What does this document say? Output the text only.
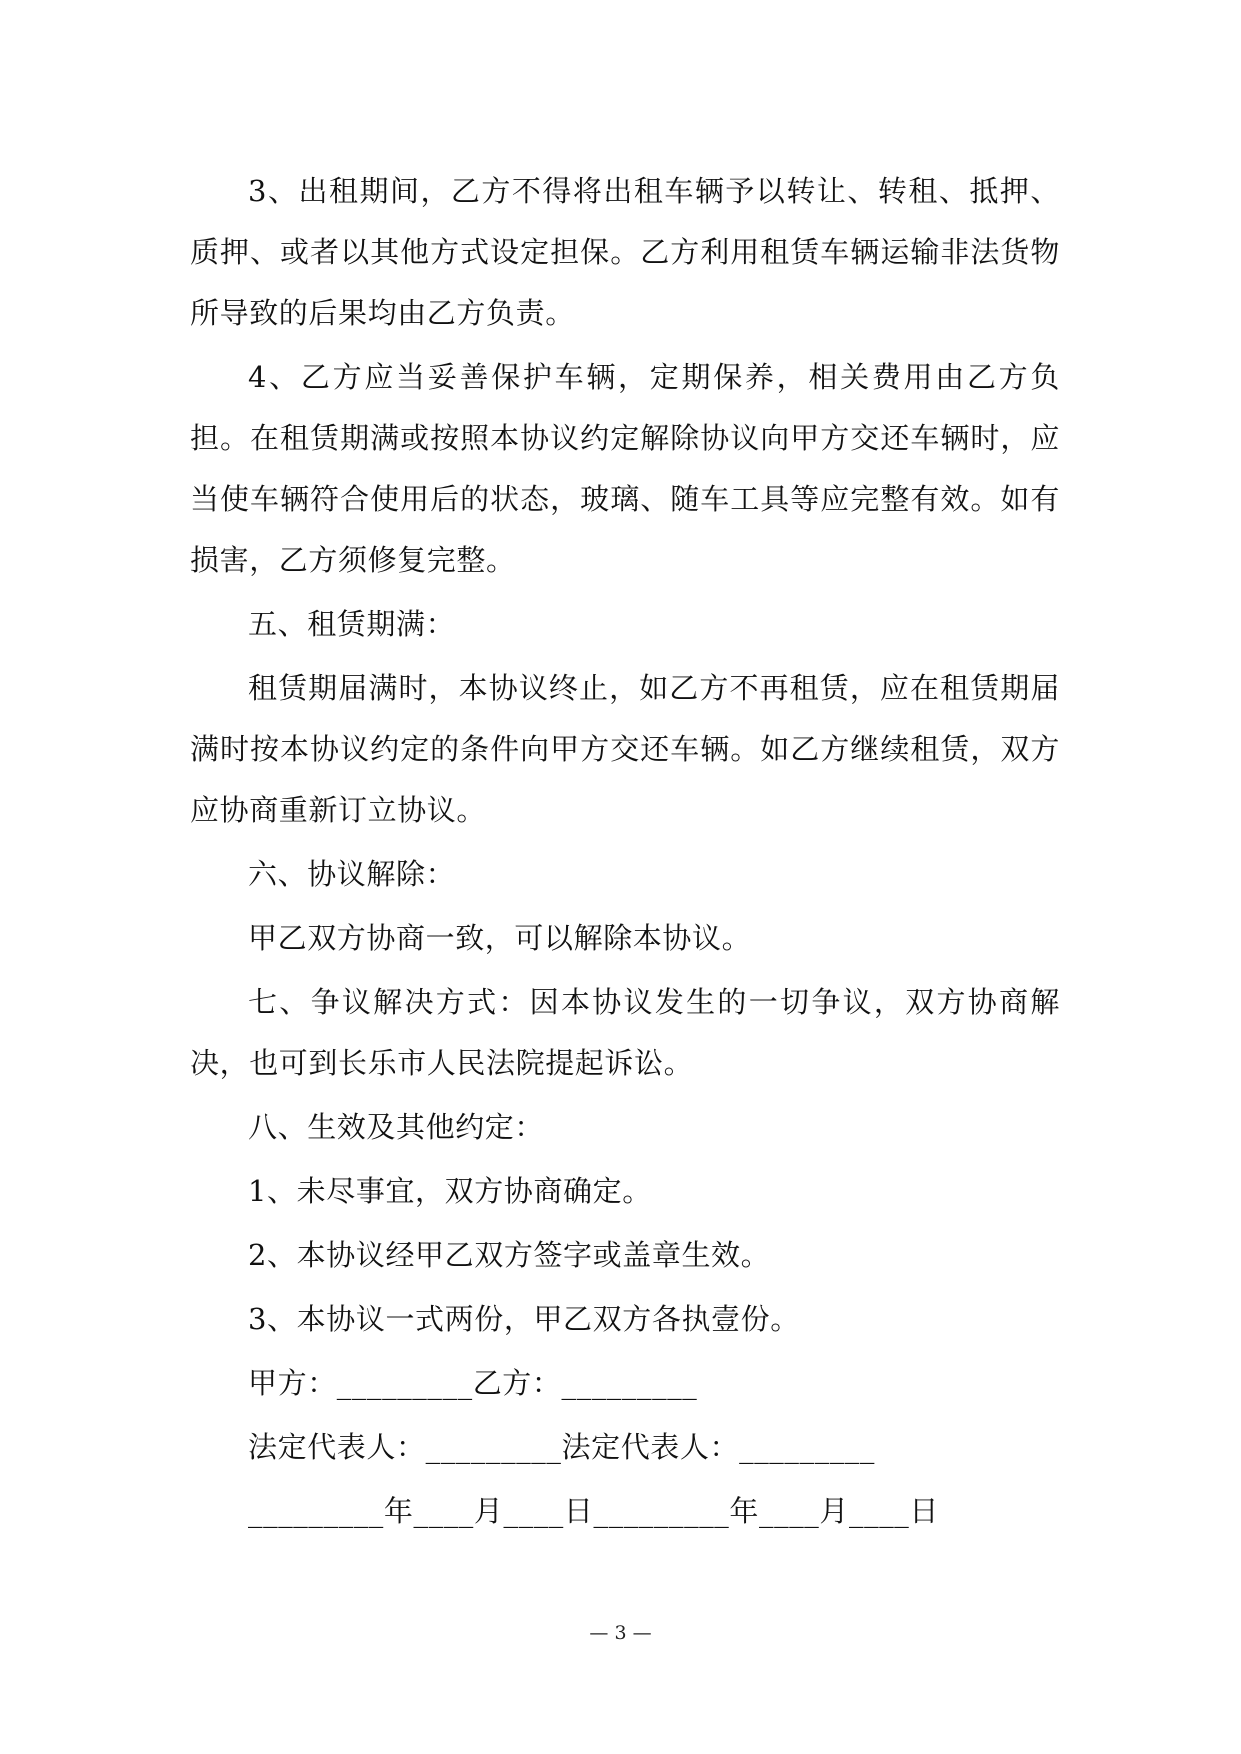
3、出租期间，乙方不得将出租车辆予以转让、转租、抵押、质押、或者以其他方式设定担保。乙方利用租赁车辆运输非法货物所导致的后果均由乙方负责。

4、乙方应当妥善保护车辆，定期保养，相关费用由乙方负担。在租赁期满或按照本协议约定解除协议向甲方交还车辆时，应当使车辆符合使用后的状态，玻璃、随车工具等应完整有效。如有损害，乙方须修复完整。

五、租赁期满：

租赁期届满时，本协议终止，如乙方不再租赁，应在租赁期届满时按本协议约定的条件向甲方交还车辆。如乙方继续租赁，双方应协商重新订立协议。

六、协议解除：

甲乙双方协商一致，可以解除本协议。

七、争议解决方式：因本协议发生的一切争议，双方协商解决，也可到长乐市人民法院提起诉讼。

八、生效及其他约定：

1、未尽事宜，双方协商确定。

2、本协议经甲乙双方签字或盖章生效。

3、本协议一式两份，甲乙双方各执壹份。

甲方：_________乙方：_________
法定代表人：_________法定代表人：_________
_________年____月____日_________年____月____日
— 3 —
